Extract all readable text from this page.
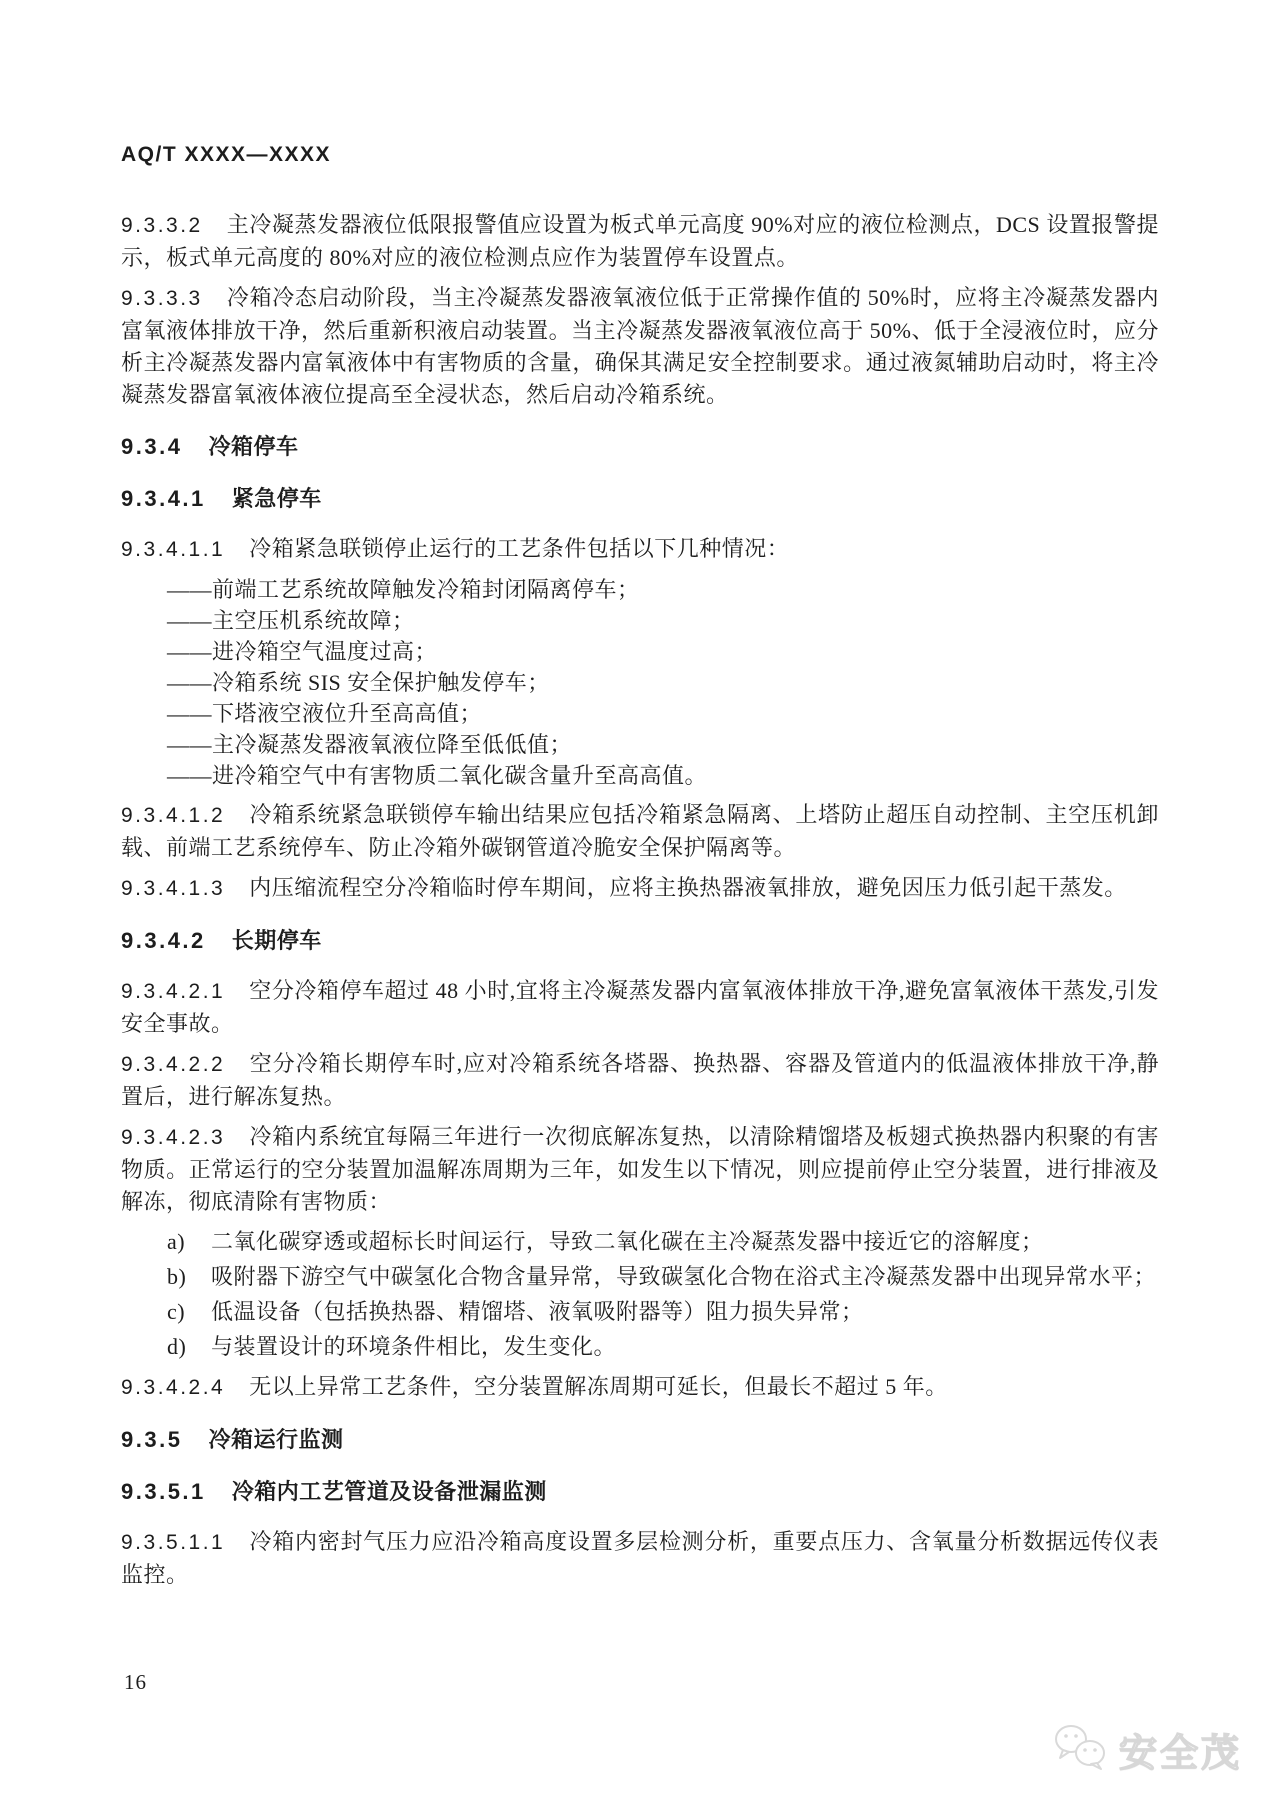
AQ/T XXXX—XXXX

9.3.3.2 主冷凝蒸发器液位低限报警值应设置为板式单元高度 90%对应的液位检测点，DCS 设置报警提示，板式单元高度的 80%对应的液位检测点应作为装置停车设置点。

9.3.3.3 冷箱冷态启动阶段，当主冷凝蒸发器液氧液位低于正常操作值的 50%时，应将主冷凝蒸发器内富氧液体排放干净，然后重新积液启动装置。当主冷凝蒸发器液氧液位高于 50%、低于全浸液位时，应分析主冷凝蒸发器内富氧液体中有害物质的含量，确保其满足安全控制要求。通过液氮辅助启动时，将主冷凝蒸发器富氧液体液位提高至全浸状态，然后启动冷箱系统。

9.3.4 冷箱停车
9.3.4.1 紧急停车

9.3.4.1.1 冷箱紧急联锁停止运行的工艺条件包括以下几种情况：

——前端工艺系统故障触发冷箱封闭隔离停车；

——主空压机系统故障；

——进冷箱空气温度过高；

——冷箱系统 SIS 安全保护触发停车；

——下塔液空液位升至高高值；

——主冷凝蒸发器液氧液位降至低低值；

——进冷箱空气中有害物质二氧化碳含量升至高高值。

9.3.4.1.2 冷箱系统紧急联锁停车输出结果应包括冷箱紧急隔离、上塔防止超压自动控制、主空压机卸载、前端工艺系统停车、防止冷箱外碳钢管道冷脆安全保护隔离等。

9.3.4.1.3 内压缩流程空分冷箱临时停车期间，应将主换热器液氧排放，避免因压力低引起干蒸发。

9.3.4.2 长期停车

9.3.4.2.1 空分冷箱停车超过 48 小时,宜将主冷凝蒸发器内富氧液体排放干净,避免富氧液体干蒸发,引发安全事故。

9.3.4.2.2 空分冷箱长期停车时,应对冷箱系统各塔器、换热器、容器及管道内的低温液体排放干净,静置后，进行解冻复热。

9.3.4.2.3 冷箱内系统宜每隔三年进行一次彻底解冻复热，以清除精馏塔及板翅式换热器内积聚的有害物质。正常运行的空分装置加温解冻周期为三年，如发生以下情况，则应提前停止空分装置，进行排液及解冻，彻底清除有害物质：

a)	二氧化碳穿透或超标长时间运行，导致二氧化碳在主冷凝蒸发器中接近它的溶解度；
b)	吸附器下游空气中碳氢化合物含量异常，导致碳氢化合物在浴式主冷凝蒸发器中出现异常水平；
c)	低温设备（包括换热器、精馏塔、液氧吸附器等）阻力损失异常；
d)	与装置设计的环境条件相比，发生变化。

9.3.4.2.4 无以上异常工艺条件，空分装置解冻周期可延长，但最长不超过 5 年。

9.3.5 冷箱运行监测
9.3.5.1 冷箱内工艺管道及设备泄漏监测

9.3.5.1.1 冷箱内密封气压力应沿冷箱高度设置多层检测分析，重要点压力、含氧量分析数据远传仪表监控。

16
安全茂
